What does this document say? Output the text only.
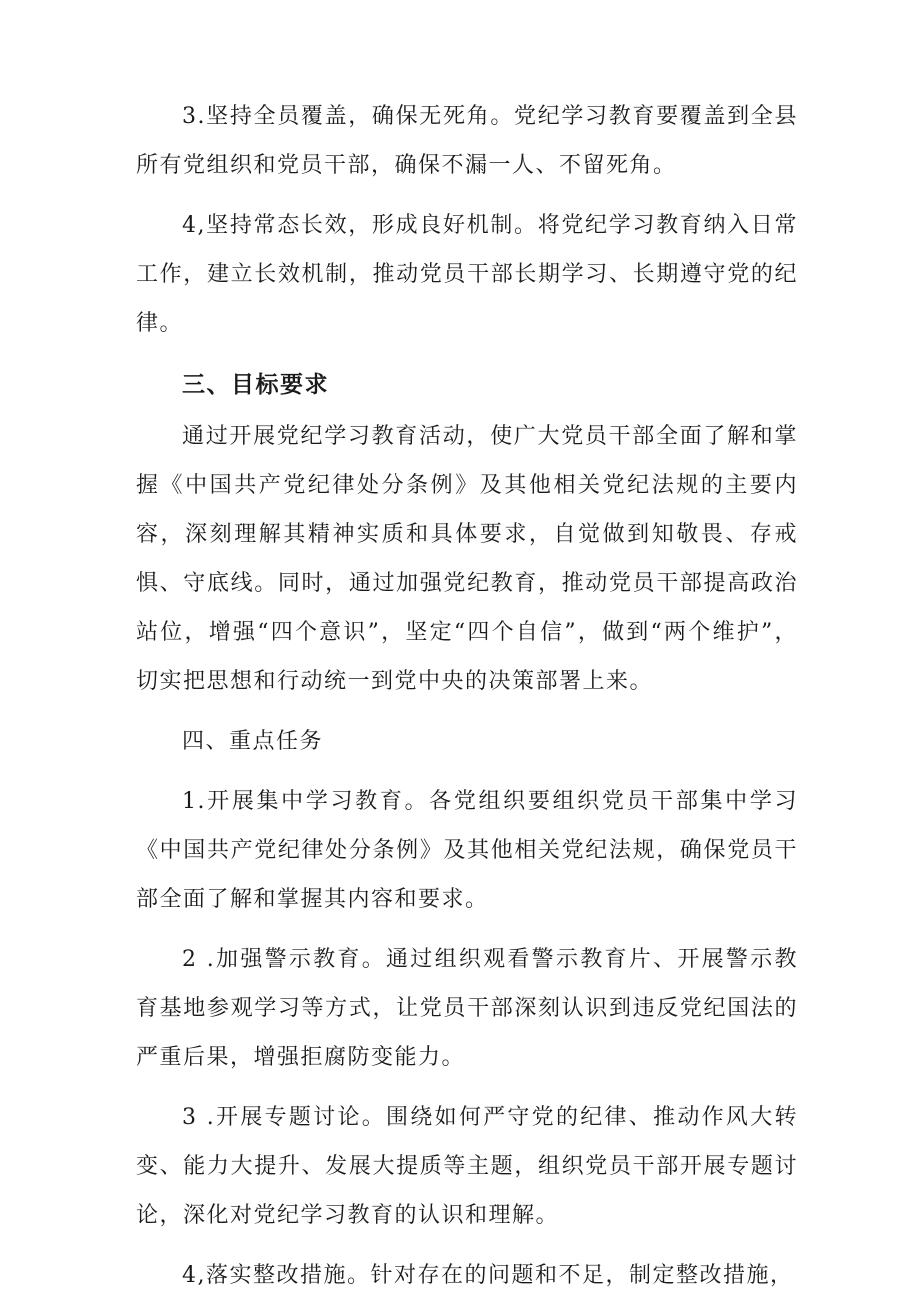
3.坚持全员覆盖，确保无死角。党纪学习教育要覆盖到全县所有党组织和党员干部，确保不漏一人、不留死角。

4,坚持常态长效，形成良好机制。将党纪学习教育纳入日常工作，建立长效机制，推动党员干部长期学习、长期遵守党的纪律。

三、目标要求

通过开展党纪学习教育活动，使广大党员干部全面了解和掌握《中国共产党纪律处分条例》及其他相关党纪法规的主要内容，深刻理解其精神实质和具体要求，自觉做到知敬畏、存戒惧、守底线。同时，通过加强党纪教育，推动党员干部提高政治站位，增强“四个意识”，坚定“四个自信”，做到“两个维护”，切实把思想和行动统一到党中央的决策部署上来。

四、重点任务

1.开展集中学习教育。各党组织要组织党员干部集中学习《中国共产党纪律处分条例》及其他相关党纪法规，确保党员干部全面了解和掌握其内容和要求。

2 .加强警示教育。通过组织观看警示教育片、开展警示教育基地参观学习等方式，让党员干部深刻认识到违反党纪国法的严重后果，增强拒腐防变能力。

3 .开展专题讨论。围绕如何严守党的纪律、推动作风大转变、能力大提升、发展大提质等主题，组织党员干部开展专题讨论，深化对党纪学习教育的认识和理解。

4,落实整改措施。针对存在的问题和不足，制定整改措施，
